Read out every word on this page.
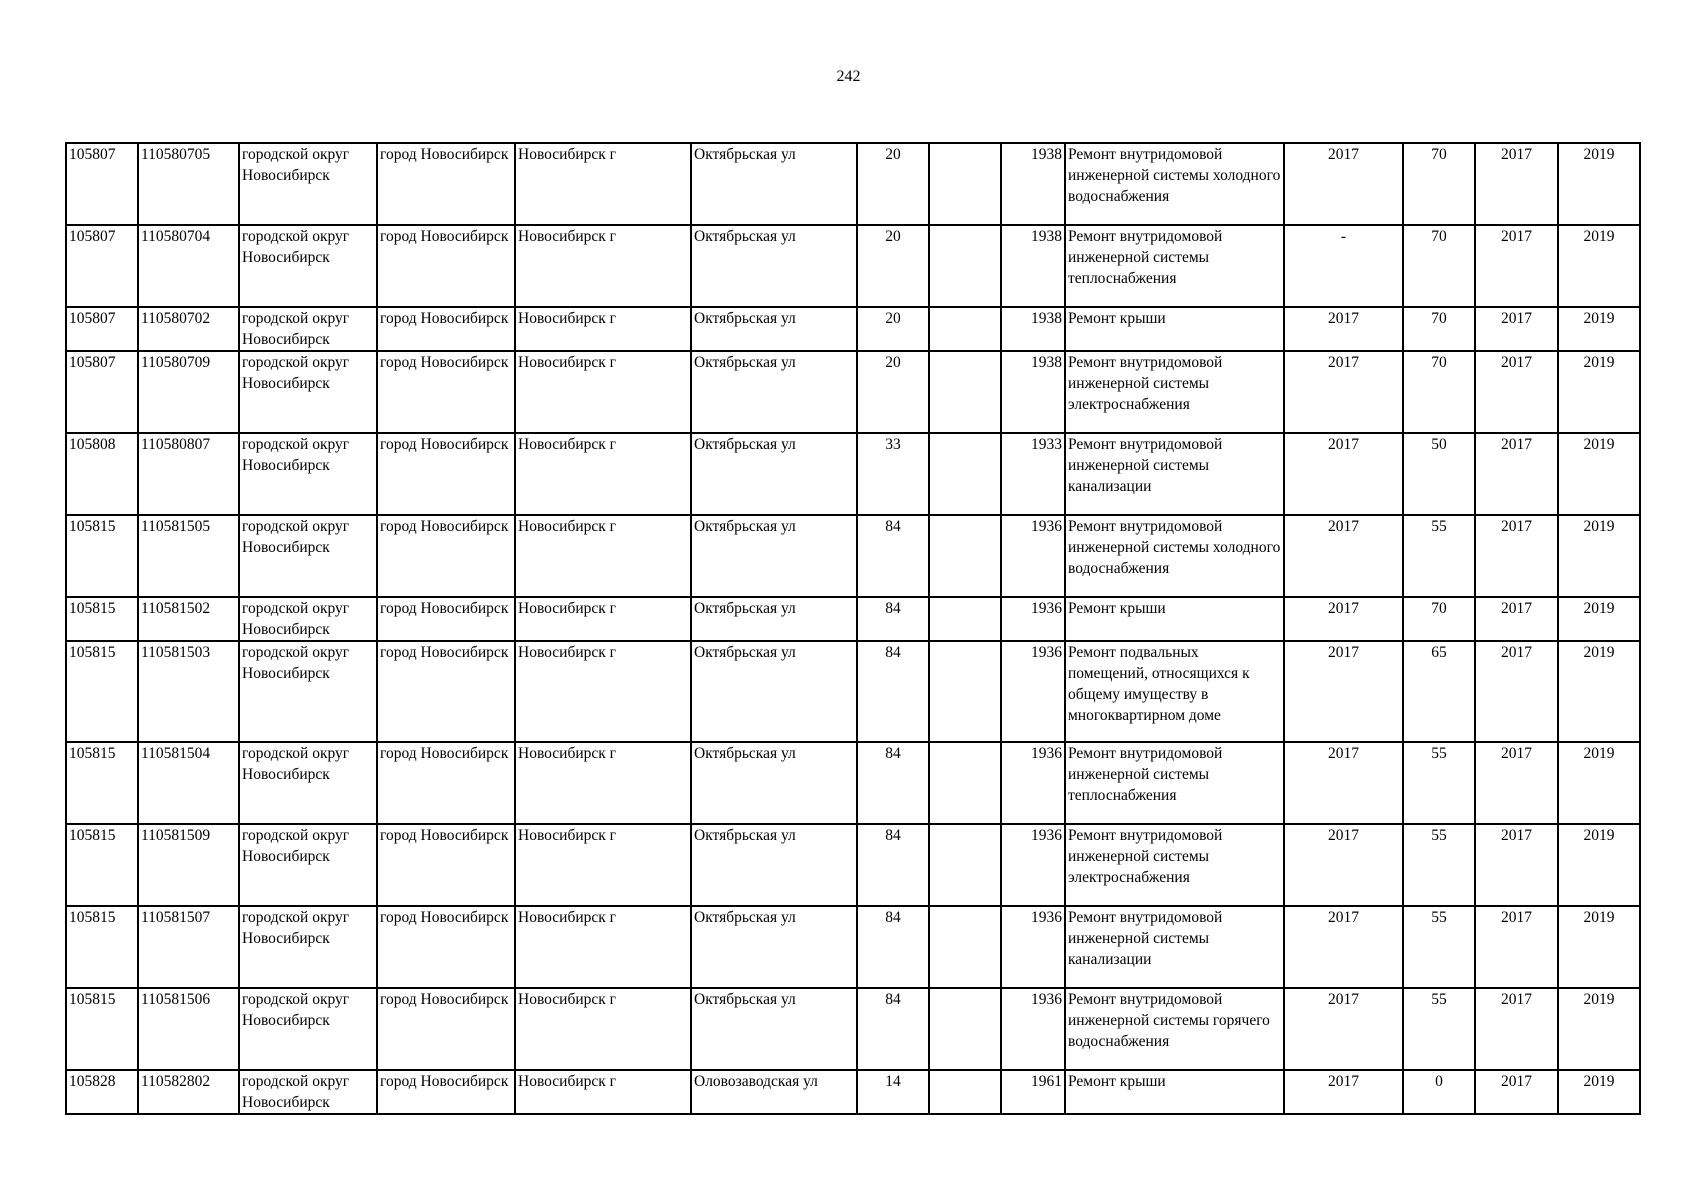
242
105807	110580705	городской округ Новосибирск	город Новосибирск	Новосибирск г	Октябрьская ул	20		1938	Ремонт внутридомовой инженерной системы холодного водоснабжения	2017	70	2017	2019
105807	110580704	городской округ Новосибирск	город Новосибирск	Новосибирск г	Октябрьская ул	20		1938	Ремонт внутридомовой инженерной системы теплоснабжения	-	70	2017	2019
105807	110580702	городской округ Новосибирск	город Новосибирск	Новосибирск г	Октябрьская ул	20		1938	Ремонт крыши	2017	70	2017	2019
105807	110580709	городской округ Новосибирск	город Новосибирск	Новосибирск г	Октябрьская ул	20		1938	Ремонт внутридомовой инженерной системы электроснабжения	2017	70	2017	2019
105808	110580807	городской округ Новосибирск	город Новосибирск	Новосибирск г	Октябрьская ул	33		1933	Ремонт внутридомовой инженерной системы канализации	2017	50	2017	2019
105815	110581505	городской округ Новосибирск	город Новосибирск	Новосибирск г	Октябрьская ул	84		1936	Ремонт внутридомовой инженерной системы холодного водоснабжения	2017	55	2017	2019
105815	110581502	городской округ Новосибирск	город Новосибирск	Новосибирск г	Октябрьская ул	84		1936	Ремонт крыши	2017	70	2017	2019
105815	110581503	городской округ Новосибирск	город Новосибирск	Новосибирск г	Октябрьская ул	84		1936	Ремонт подвальных помещений, относящихся к общему имуществу в многоквартирном доме	2017	65	2017	2019
105815	110581504	городской округ Новосибирск	город Новосибирск	Новосибирск г	Октябрьская ул	84		1936	Ремонт внутридомовой инженерной системы теплоснабжения	2017	55	2017	2019
105815	110581509	городской округ Новосибирск	город Новосибирск	Новосибирск г	Октябрьская ул	84		1936	Ремонт внутридомовой инженерной системы электроснабжения	2017	55	2017	2019
105815	110581507	городской округ Новосибирск	город Новосибирск	Новосибирск г	Октябрьская ул	84		1936	Ремонт внутридомовой инженерной системы канализации	2017	55	2017	2019
105815	110581506	городской округ Новосибирск	город Новосибирск	Новосибирск г	Октябрьская ул	84		1936	Ремонт внутридомовой инженерной системы горячего водоснабжения	2017	55	2017	2019
105828	110582802	городской округ Новосибирск	город Новосибирск	Новосибирск г	Оловозаводская ул	14		1961	Ремонт крыши	2017	0	2017	2019
